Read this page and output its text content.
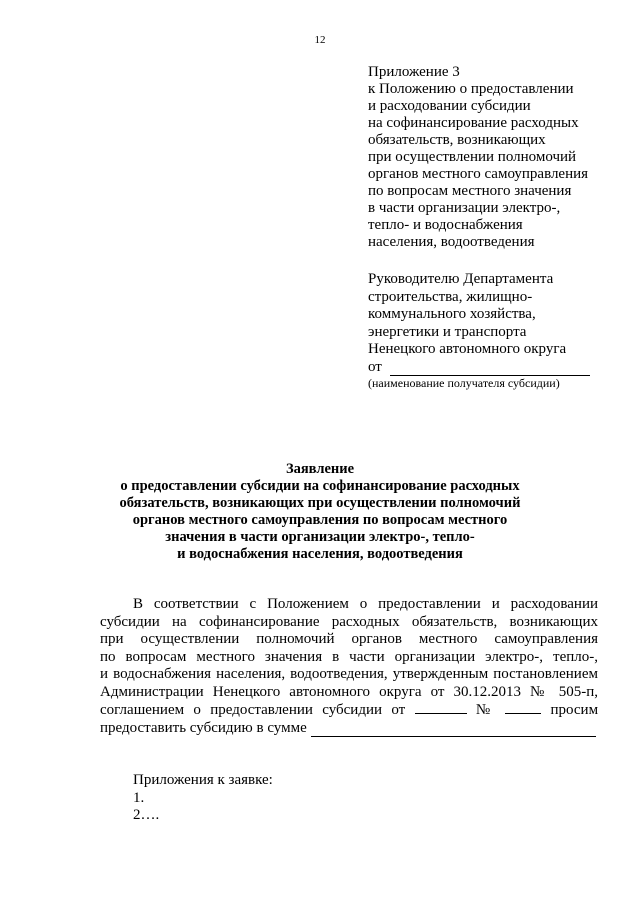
12
Приложение 3
к Положению о предоставлении
и расходовании субсидии
на софинансирование расходных
обязательств, возникающих
при осуществлении полномочий
органов местного самоуправления
по вопросам местного значения
в части организации электро-,
тепло- и водоснабжения
населения, водоотведения
Руководителю Департамента
строительства, жилищно-
коммунального хозяйства,
энергетики и транспорта
Ненецкого автономного округа
от
(наименование получателя субсидии)
Заявление
о предоставлении субсидии на софинансирование расходных
обязательств, возникающих при осуществлении полномочий
органов местного самоуправления по вопросам местного
значения в части организации электро-, тепло-
и водоснабжения населения, водоотведения
В соответствии с Положением о предоставлении и расходовании
субсидии на софинансирование расходных обязательств, возникающих
при осуществлении полномочий органов местного самоуправления
по вопросам местного значения в части организации электро-, тепло-,
и водоснабжения населения, водоотведения, утвержденным постановлением
Администрации Ненецкого автономного округа от 30.12.2013 № 505-п,
соглашением о предоставлении субсидии от	№	просим
предоставить субсидию в сумме
Приложения к заявке:
1.
2….
